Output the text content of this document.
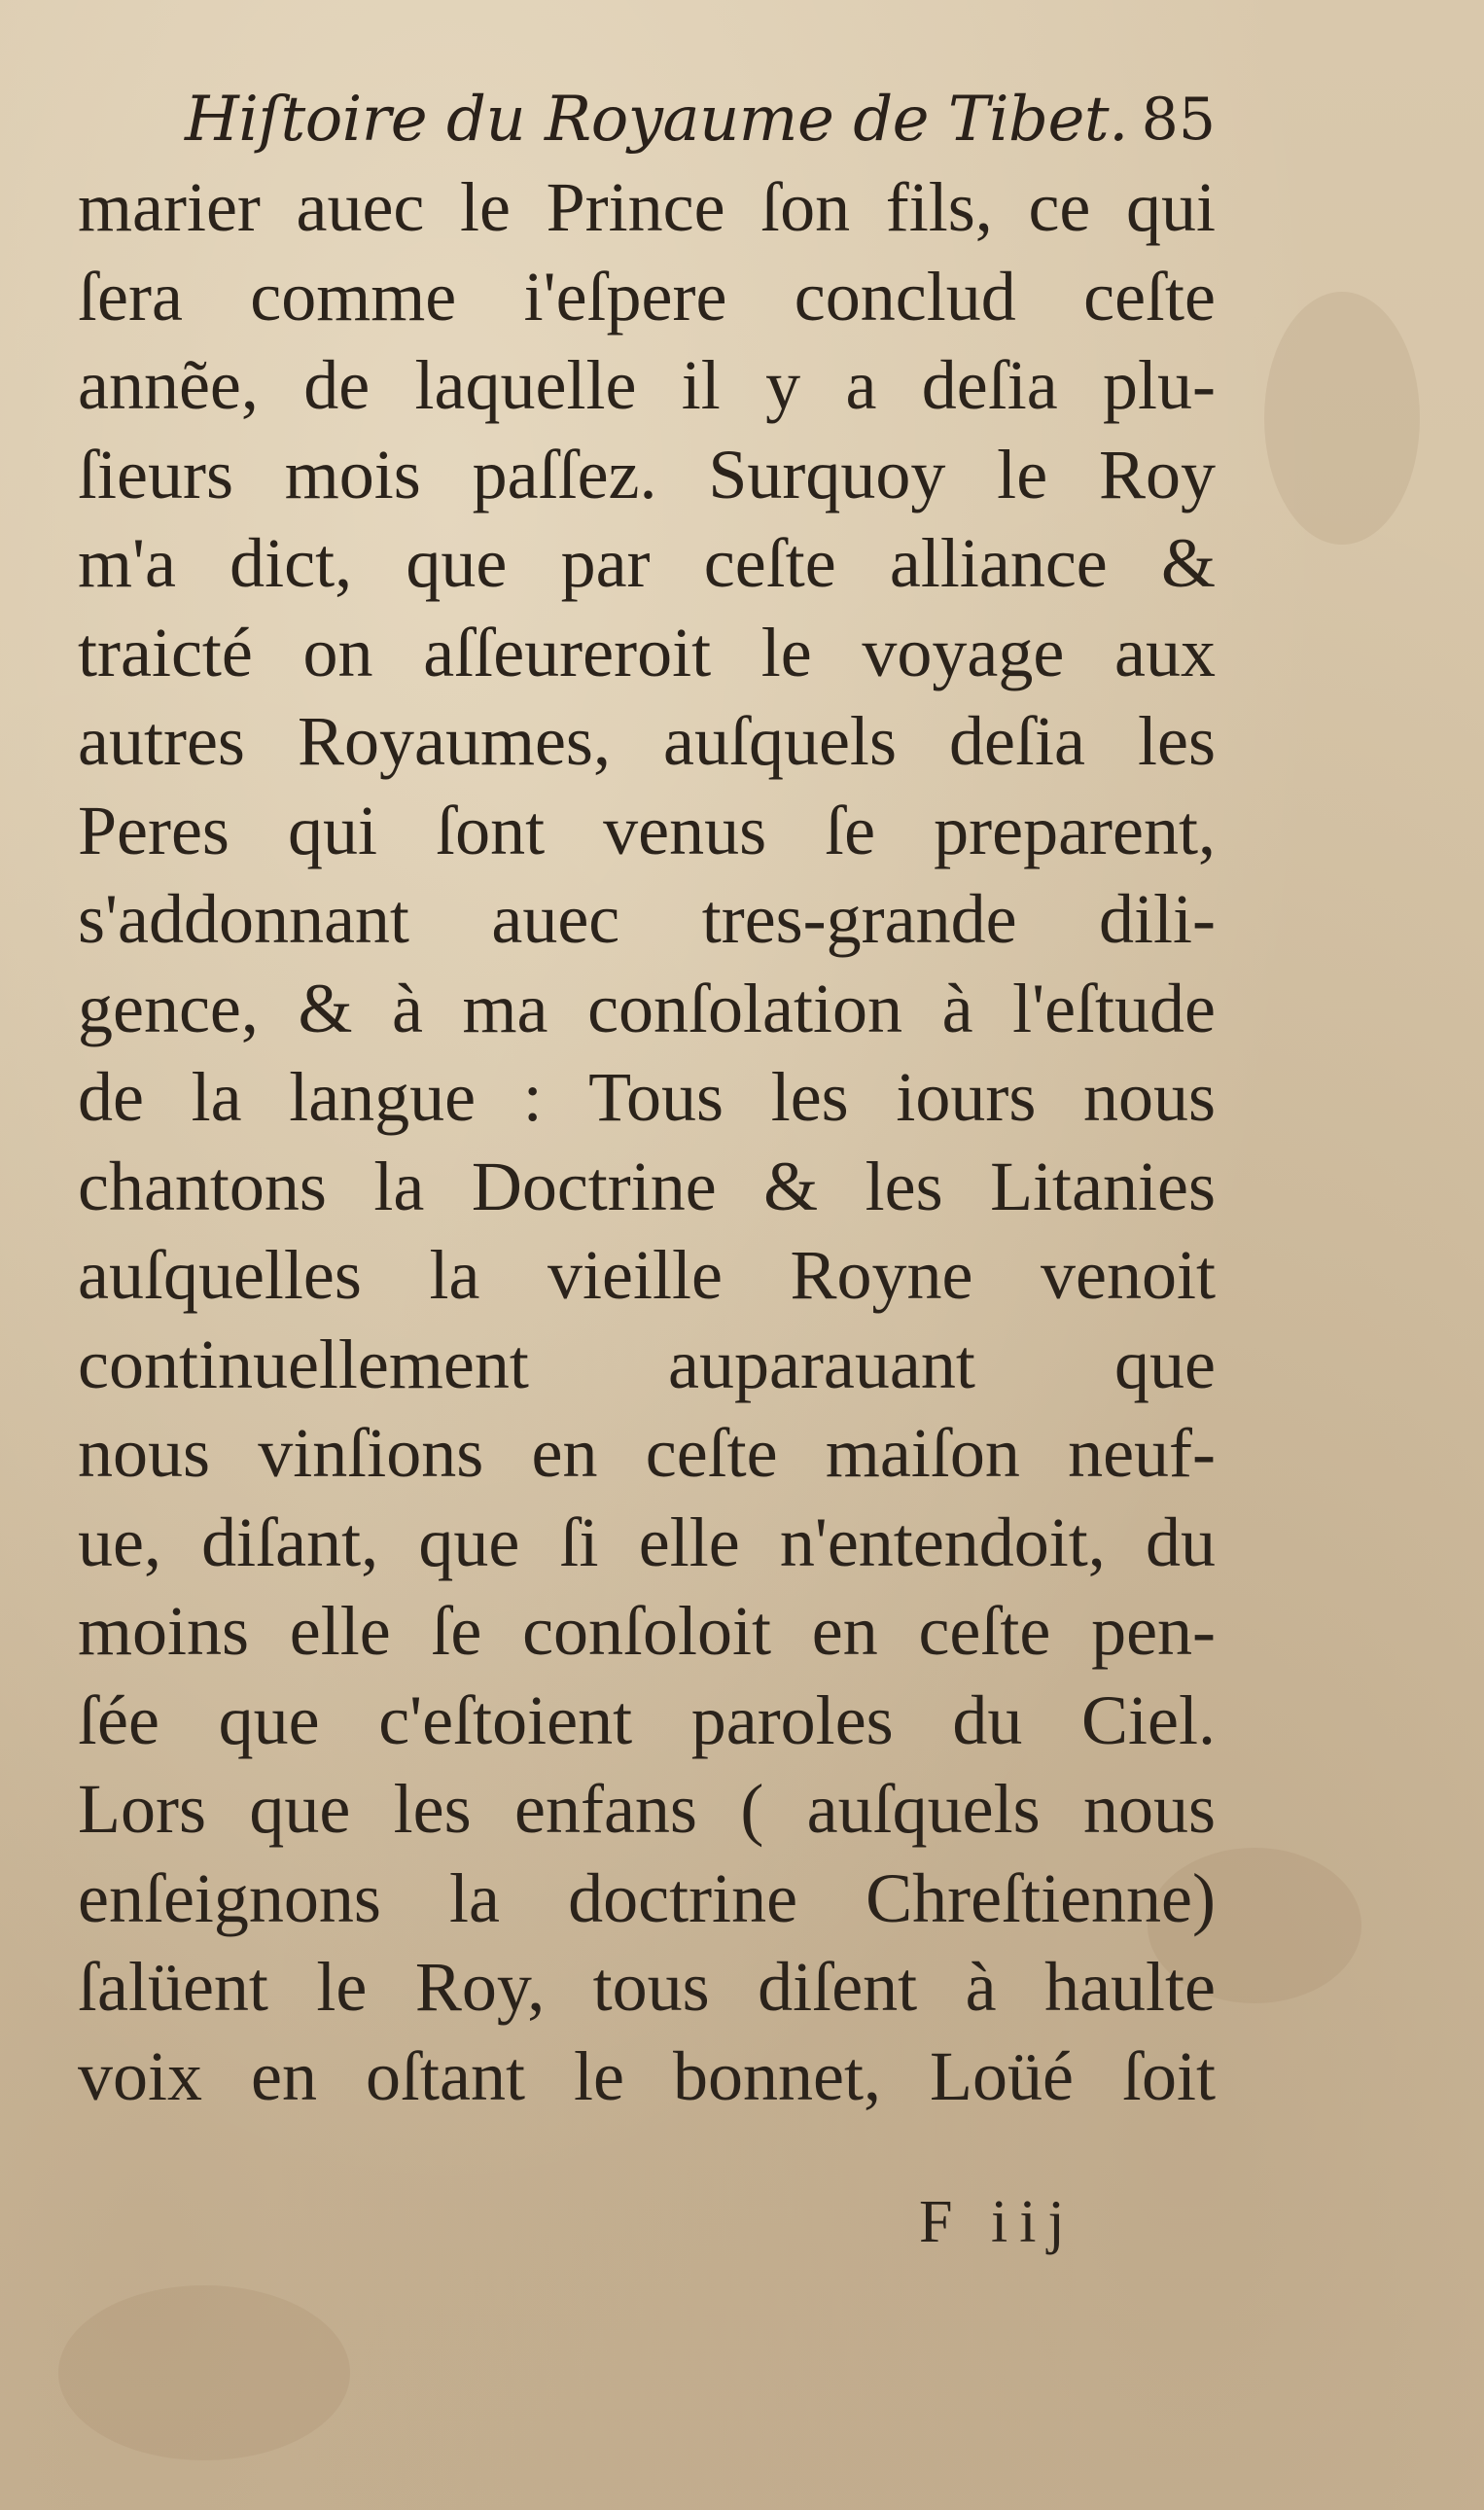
Hiſtoire du Royaume de Tibet. 85
marier auec le Prince ſon fils, ce qui
ſera comme i'eſpere conclud ceſte
annẽe, de laquelle il y a deſia plu-
ſieurs mois paſſez. Surquoy le Roy
m'a dict, que par ceſte alliance &
traicté on aſſeureroit le voyage aux
autres Royaumes, auſquels deſia les
Peres qui ſont venus ſe preparent,
s'addonnant auec tres-grande dili-
gence, & à ma conſolation à l'eſtude
de la langue : Tous les iours nous
chantons la Doctrine & les Litanies
auſquelles la vieille Royne venoit
continuellement auparauant que
nous vinſions en ceſte maiſon neuf-
ue, diſant, que ſi elle n'entendoit, du
moins elle ſe conſoloit en ceſte pen-
ſée que c'eſtoient paroles du Ciel.
Lors que les enfans ( auſquels nous
enſeignons la doctrine Chreſtienne)
ſalüent le Roy, tous diſent à haulte
voix en oſtant le bonnet, Loüé ſoit
F iij
